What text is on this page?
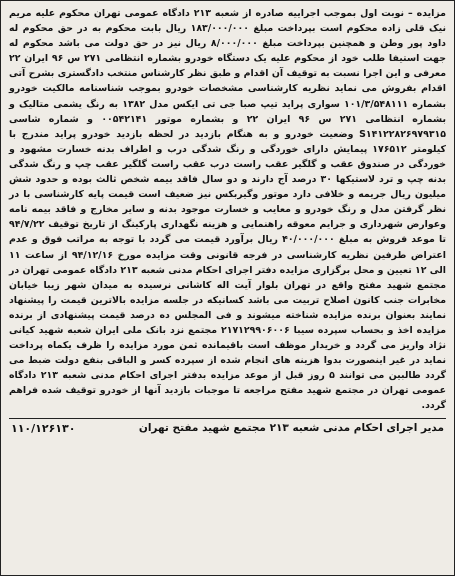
مزایده – نوبت اول بموجب اجراییه صادره از شعبه ۲۱۳ دادگاه عمومی تهران محکوم علیه مریم نیک قلی زاده محکوم است بپرداخت مبلغ ۱۸۳/۰۰۰/۰۰۰ ریال بابت محکوم به در حق محکوم له داود پور وطن و همچنین بپرداخت مبلغ ۸/۰۰۰/۰۰۰ ریال نیز در حق دولت می باشد محکوم له جهت استیفا طلب خود از محکوم علیه یک دستگاه خودرو بشماره انتظامی ۲۷۱ س ۹۶ ایران ۲۲ معرفی و این اجرا نسبت به توقیف آن اقدام و طبق نظر کارشناس منتخب دادگستری بشرح آتی اقدام بفروش می نماید نظریه کارشناسی مشخصات خودرو بموجب شناسنامه مالکیت خودرو بشماره ۱۰۱/۳/۵۴۸۱۱۱ سواری پراید تیپ صبا جی تی ایکس مدل ۱۳۸۲ به رنگ یشمی متالیک و بشماره انتظامی ۲۷۱ س ۹۶ ایران ۲۲ و بشماره موتور ۰۰۵۴۲۱۴۱ و شماره شاسی S۱۴۱۲۲۸۲۶۹۷۹۳۱۵ وضعیت خودرو و به هنگام بازدید در لحظه بازدید خودرو پراید مندرج با کیلومتر ۱۷۶۵۱۲ پیمایش دارای خوردگی و رنگ شدگی درب و اطراف بدنه خسارت مشهود و خوردگی در صندوق عقب و گلگیر عقب راست درب عقب راست گلگیر عقب چپ و رنگ شدگی بدنه چپ و ترد لاستیکها ۳۰ درصد آج دارند و دو سال فاقد بیمه شخص ثالث بوده و حدود شش میلیون ریال جریمه و خلافی دارد موتور وگیربکس نیز ضعیف است قیمت پایه کارشناسی با در نظر گرفتن مدل و رنگ خودرو و معایب و خسارت موجود بدنه و سایر مخارج و فاقد بیمه نامه وعوارض شهرداری و جرایم معوقه راهنمایی و هزینه نگهداری پارکینگ از تاریخ توقیف ۹۴/۷/۲۲ تا موعد فروش به مبلغ ۴۰/۰۰۰/۰۰۰ ریال برآورد قیمت می گردد با توجه به مراتب فوق و عدم اعتراض طرفین نظریه کارشناسی در فرجه قانونی وقت مزایده مورخ ۹۴/۱۲/۱۶ از ساعت ۱۱ الی ۱۲ تعیین و محل برگزاری مزایده دفتر اجرای احکام مدنی شعبه ۲۱۳ دادگاه عمومی تهران در مجتمع شهید مفتح واقع در تهران بلوار آیت اله کاشانی نرسیده به میدان شهر زیبا خیابان مخابرات جنب کانون اصلاح تربیت می باشد کسانیکه در جلسه مزایده بالاترین قیمت را پیشنهاد نمایند بعنوان برنده مزایده شناخته میشوند و فی المجلس ده درصد قیمت پیشنهادی از برنده مزایده اخذ و بحساب سپرده سیبا ۲۱۷۱۲۹۹۰۶۰۰۶ مجتمع نزد بانک ملی ایران شعبه شهید کیانی نژاد واریز می گردد و خریدار موظف است باقیمانده ثمن مورد مزایده را ظرف یکماه پرداخت نماید در غیر اینصورت بدوا هزینه های انجام شده از سپرده کسر و الباقی بنفع دولت ضبط می گردد طالبین می توانند ۵ روز قبل از موعد مزایده بدفتر اجرای احکام مدنی شعبه ۲۱۳ دادگاه عمومی تهران در مجتمع شهید مفتح مراجعه تا موجبات بازدید آنها از خودرو توقیف شده فراهم گردد.
مدیر اجرای احکام مدنی شعبه ۲۱۳ مجتمع شهید مفتح تهران
۱۱۰/۱۲۶۱۳۰
